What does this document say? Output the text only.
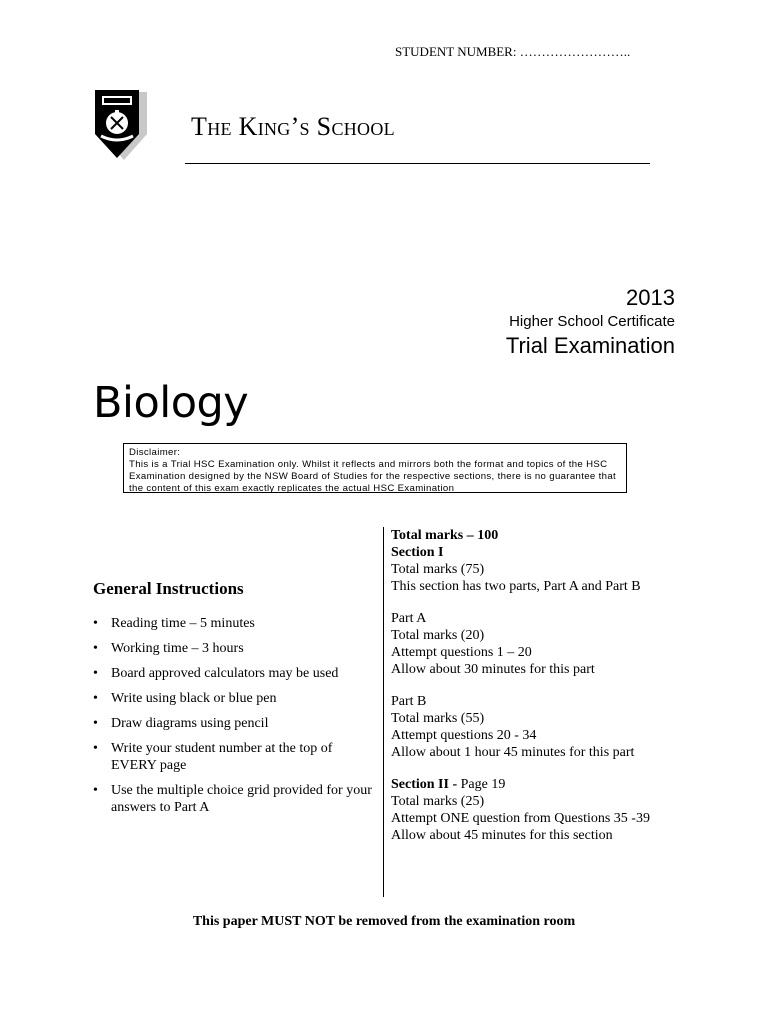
STUDENT NUMBER: ……………………..
The King’s School
2013
Higher School Certificate
Trial Examination
Biology
Disclaimer:
This is a Trial HSC Examination only. Whilst it reflects and mirrors both the format and topics of the HSC Examination designed by the NSW Board of Studies for the respective sections, there is no guarantee that the content of this exam exactly replicates the actual HSC Examination
General Instructions
• Reading time – 5 minutes
• Working time – 3 hours
• Board approved calculators may be used
• Write using black or blue pen
• Draw diagrams using pencil
• Write your student number at the top of EVERY page
• Use the multiple choice grid provided for your answers to Part A

Total marks – 100

Section I

Total marks (75)

This section has two parts, Part A and Part B

Part A

Total marks (20)

Attempt questions 1 – 20

Allow about 30 minutes for this part

Part B

Total marks (55)

Attempt questions 20 - 34

Allow about 1 hour 45 minutes for this part

Section II - Page 19

Total marks (25)

Attempt ONE question from Questions 35 -39

Allow about 45 minutes for this section

This paper MUST NOT be removed from the examination room
